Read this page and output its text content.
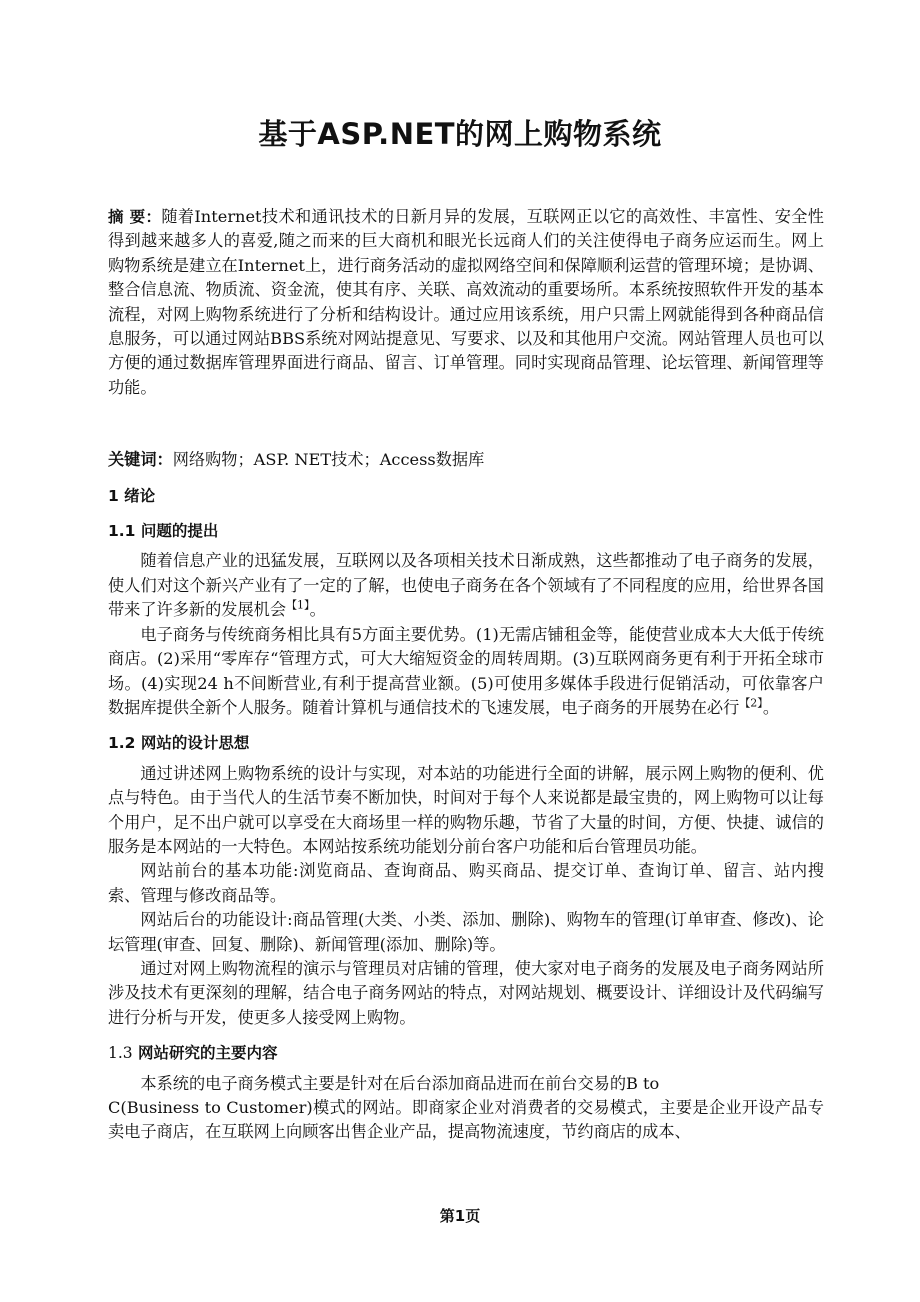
基于ASP.NET的网上购物系统

摘 要：随着Internet技术和通讯技术的日新月异的发展，互联网正以它的高效性、丰富性、安全性得到越来越多人的喜爱,随之而来的巨大商机和眼光长远商人们的关注使得电子商务应运而生。网上购物系统是建立在Internet上，进行商务活动的虚拟网络空间和保障顺利运营的管理环境；是协调、整合信息流、物质流、资金流，使其有序、关联、高效流动的重要场所。本系统按照软件开发的基本流程，对网上购物系统进行了分析和结构设计。通过应用该系统，用户只需上网就能得到各种商品信息服务，可以通过网站BBS系统对网站提意见、写要求、以及和其他用户交流。网站管理人员也可以方便的通过数据库管理界面进行商品、留言、订单管理。同时实现商品管理、论坛管理、新闻管理等功能。

关键词：网络购物；ASP. NET技术；Access数据库

1 绪论

1.1 问题的提出

随着信息产业的迅猛发展，互联网以及各项相关技术日渐成熟，这些都推动了电子商务的发展，使人们对这个新兴产业有了一定的了解，也使电子商务在各个领域有了不同程度的应用，给世界各国带来了许多新的发展机会$^{【1】}$。

电子商务与传统商务相比具有5方面主要优势。(1)无需店铺租金等，能使营业成本大大低于传统商店。(2)采用“零库存“管理方式，可大大缩短资金的周转周期。(3)互联网商务更有利于开拓全球市场。(4)实现24 h不间断营业,有利于提高营业额。(5)可使用多媒体手段进行促销活动，可依靠客户数据库提供全新个人服务。随着计算机与通信技术的飞速发展，电子商务的开展势在必行$^{【2】}$。

1.2 网站的设计思想

通过讲述网上购物系统的设计与实现，对本站的功能进行全面的讲解，展示网上购物的便利、优点与特色。由于当代人的生活节奏不断加快，时间对于每个人来说都是最宝贵的，网上购物可以让每个用户，足不出户就可以享受在大商场里一样的购物乐趣，节省了大量的时间，方便、快捷、诚信的服务是本网站的一大特色。本网站按系统功能划分前台客户功能和后台管理员功能。

网站前台的基本功能:浏览商品、查询商品、购买商品、提交订单、查询订单、留言、站内搜索、管理与修改商品等。

网站后台的功能设计:商品管理(大类、小类、添加、删除)、购物车的管理(订单审查、修改)、论坛管理(审查、回复、删除)、新闻管理(添加、删除)等。

通过对网上购物流程的演示与管理员对店铺的管理，使大家对电子商务的发展及电子商务网站所涉及技术有更深刻的理解，结合电子商务网站的特点，对网站规划、概要设计、详细设计及代码编写进行分析与开发，使更多人接受网上购物。

1.3 网站研究的主要内容

本系统的电子商务模式主要是针对在后台添加商品进而在前台交易的B to

C(Business to Customer)模式的网站。即商家企业对消费者的交易模式，主要是企业开设产品专卖电子商店，在互联网上向顾客出售企业产品，提高物流速度，节约商店的成本、

第1页
